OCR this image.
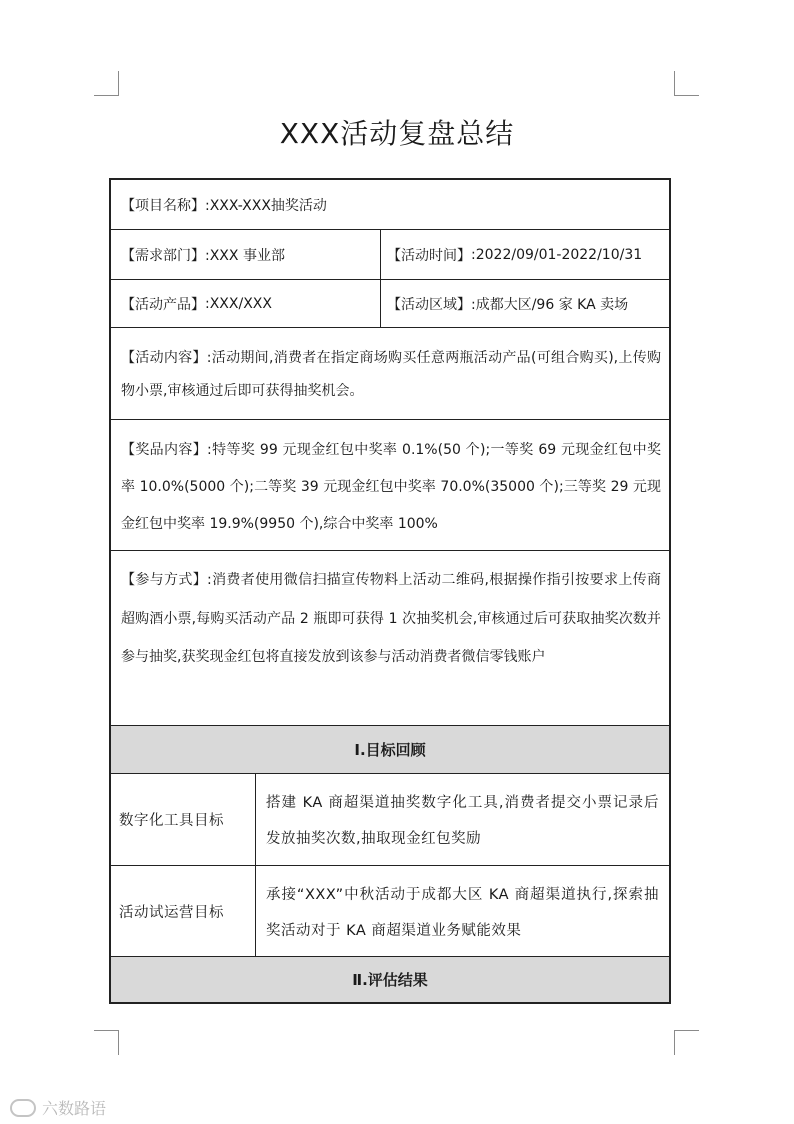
XXX活动复盘总结
【项目名称】 :XXX-XXX抽奖活动
【需求部门】 :XXX 事业部	【活动时间】 :2022/09/01-2022/10/31
【活动产品】 :XXX/XXX	【活动区域】 :成都大区/96 家 KA 卖场
【活动内容】:活动期间,消费者在指定商场购买任意两瓶活动产品(可组合购买),上传购物小票,审核通过后即可获得抽奖机会。
【奖品内容】:特等奖 99 元现金红包中奖率 0.1%(50 个);一等奖 69 元现金红包中奖率 10.0%(5000 个);二等奖 39 元现金红包中奖率 70.0%(35000 个);三等奖 29 元现金红包中奖率 19.9%(9950 个),综合中奖率 100%
【参与方式】:消费者使用微信扫描宣传物料上活动二维码,根据操作指引按要求上传商超购酒小票,每购买活动产品 2 瓶即可获得 1 次抽奖机会,审核通过后可获取抽奖次数并参与抽奖,获奖现金红包将直接发放到该参与活动消费者微信零钱账户
Ⅰ.目标回顾
数字化工具目标
搭建 KA 商超渠道抽奖数字化工具,消费者提交小票记录后发放抽奖次数,抽取现金红包奖励
活动试运营目标
承接“XXX”中秋活动于成都大区 KA 商超渠道执行,探索抽奖活动对于 KA 商超渠道业务赋能效果
Ⅱ.评估结果
六数路语
